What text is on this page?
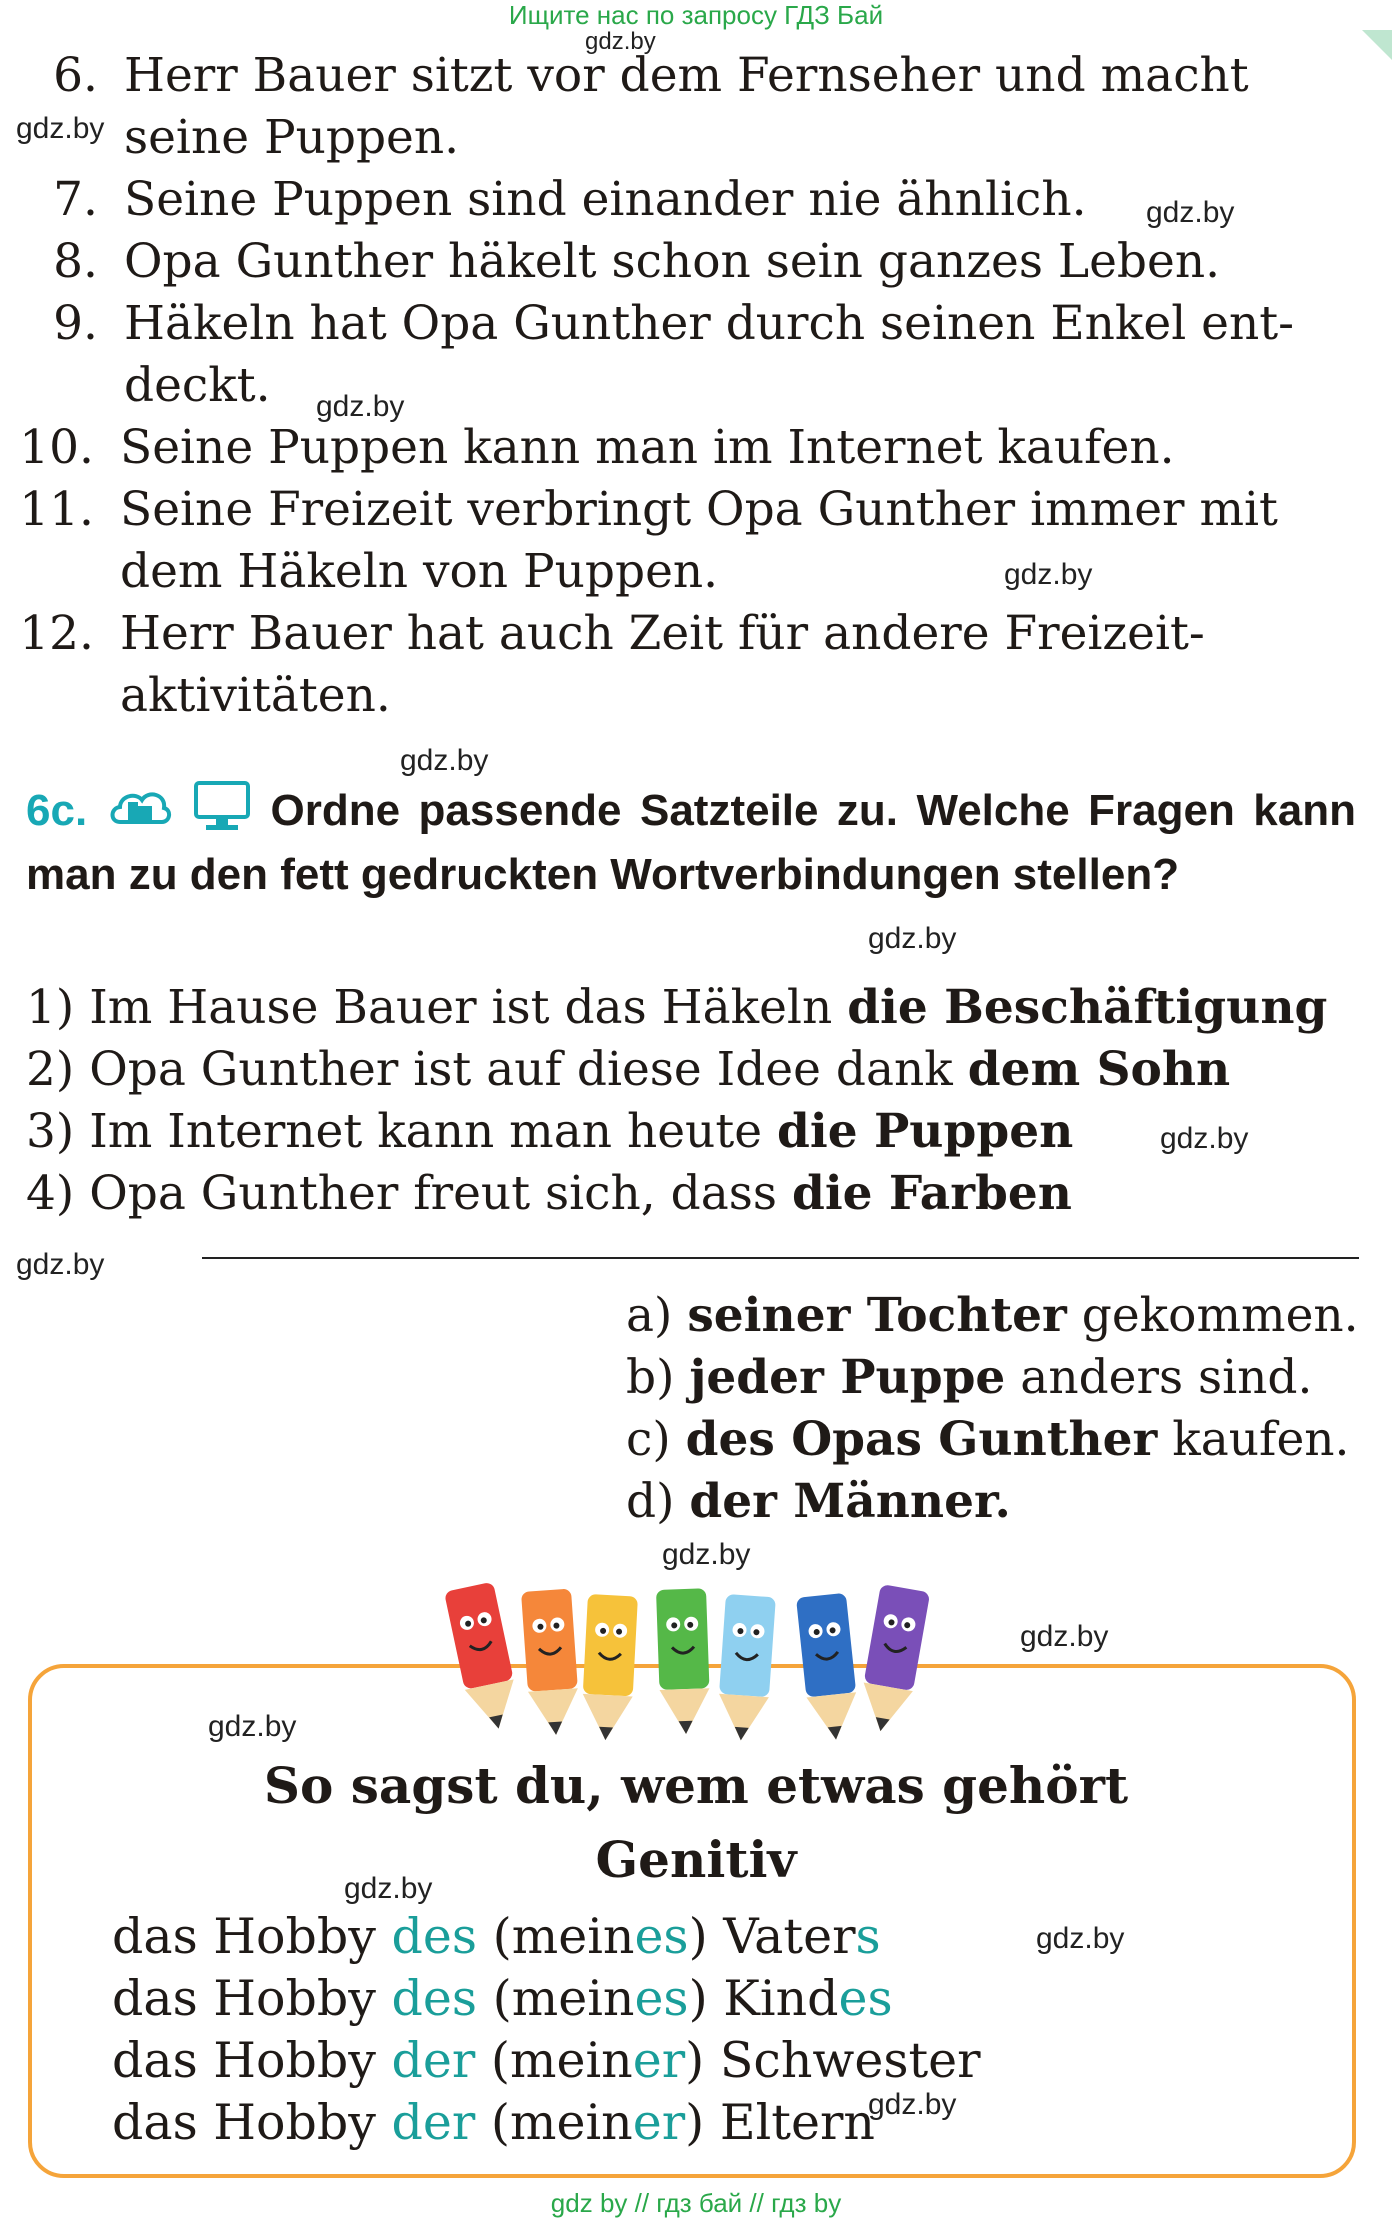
Ищите нас по запросу ГДЗ Бай
gdz.by
gdz.by
gdz.by
gdz.by
gdz.by
gdz.by
gdz.by
gdz.by
gdz.by
gdz.by
gdz.by
gdz.by
gdz.by
gdz.by
gdz.by
6. Herr Bauer sitzt vor dem Fernseher und macht
seine Puppen.
7. Seine Puppen sind einander nie ähnlich.
8. Opa Gunther häkelt schon sein ganzes Leben.
9. Häkeln hat Opa Gunther durch seinen Enkel ent-
deckt.
10. Seine Puppen kann man im Internet kaufen.
11. Seine Freizeit verbringt Opa Gunther immer mit
dem Häkeln von Puppen.
12. Herr Bauer hat auch Zeit für andere Freizeit-
aktivitäten.
6c.	Ordne passende Satzteile zu. Welche Fragen kann man zu den fett gedruckten Wortverbindungen stellen?
1) Im Hause Bauer ist das Häkeln die Beschäftigung
2) Opa Gunther ist auf diese Idee dank dem Sohn
3) Im Internet kann man heute die Puppen
4) Opa Gunther freut sich, dass die Farben
a) seiner Tochter gekommen.
b) jeder Puppe anders sind.
c) des Opas Gunther kaufen.
d) der Männer.
So sagst du, wem etwas gehört
Genitiv
das Hobby des (meines) Vaters
das Hobby des (meines) Kindes
das Hobby der (meiner) Schwester
das Hobby der (meiner) Eltern
gdz by // гдз бай // гдз by
